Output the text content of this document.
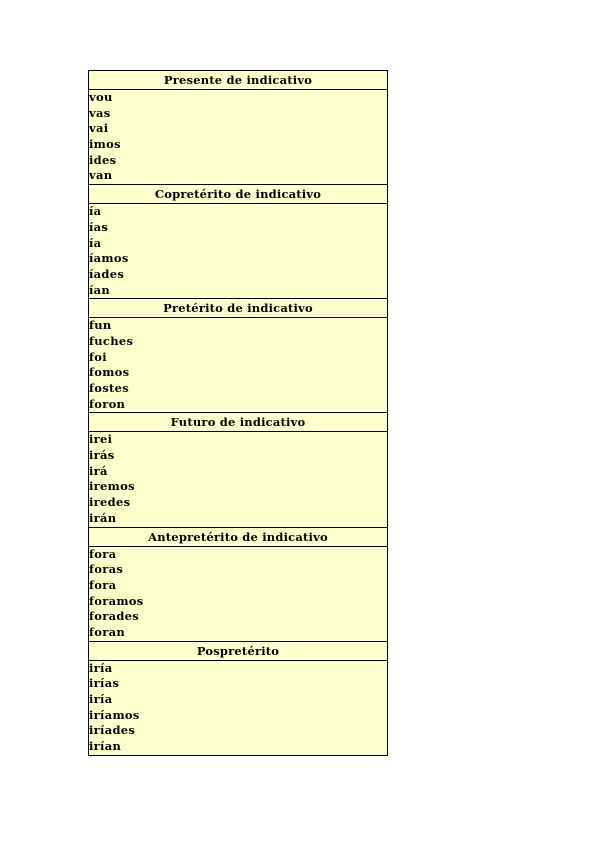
Presente de indicativo
vou
vas
vai
imos
ides
van
Copretérito de indicativo
ía
ías
ía
íamos
íades
ían
Pretérito de indicativo
fun
fuches
foi
fomos
fostes
foron
Futuro de indicativo
irei
irás
irá
iremos
iredes
irán
Antepretérito de indicativo
fora
foras
fora
foramos
forades
foran
Pospretérito
iría
irías
iría
iríamos
iríades
irían
